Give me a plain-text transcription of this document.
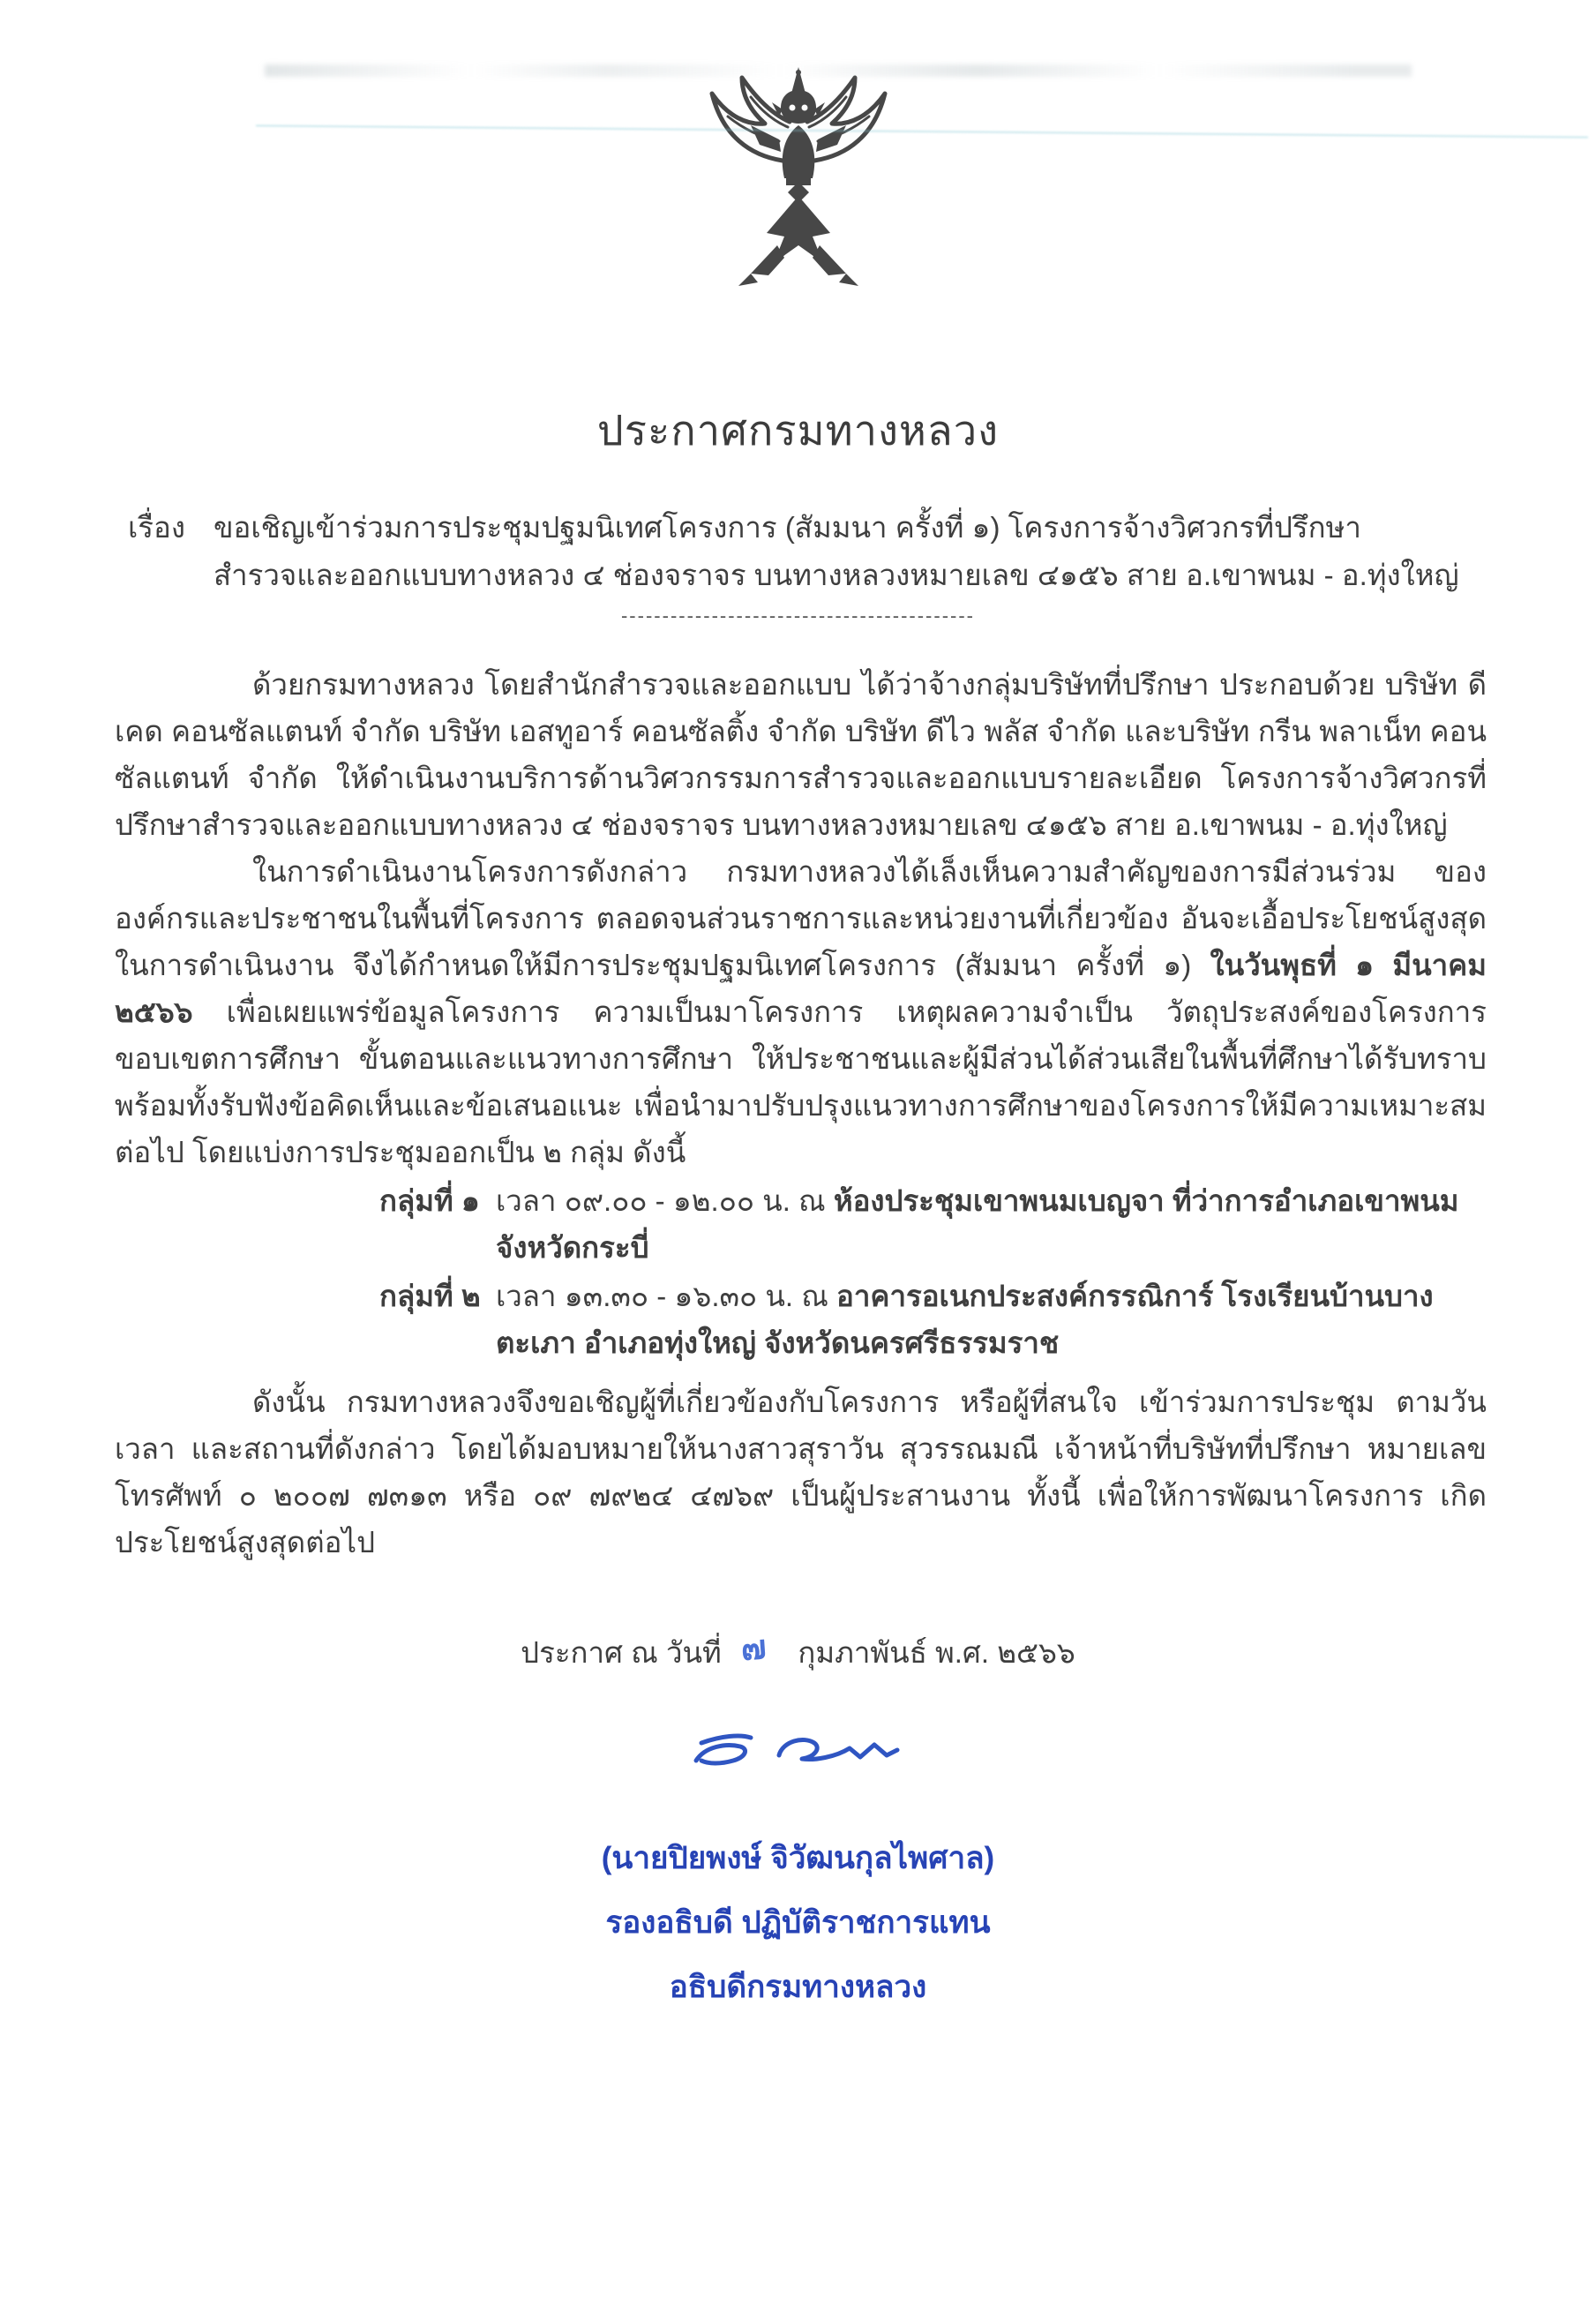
ประกาศกรมทางหลวง
เรื่อง ขอเชิญเข้าร่วมการประชุมปฐมนิเทศโครงการ (สัมมนา ครั้งที่ ๑) โครงการจ้างวิศวกรที่ปรึกษา
สำรวจและออกแบบทางหลวง ๔ ช่องจราจร บนทางหลวงหมายเลข ๔๑๕๖ สาย อ.เขาพนม - อ.ทุ่งใหญ่
-------------------------------------------
ด้วยกรมทางหลวง โดยสำนักสำรวจและออกแบบ ได้ว่าจ้างกลุ่มบริษัทที่ปรึกษา ประกอบด้วย บริษัท ดีเคด คอนซัลแตนท์ จำกัด บริษัท เอสทูอาร์ คอนซัลติ้ง จำกัด บริษัท ดีไว พลัส จำกัด และบริษัท กรีน พลาเน็ท คอนซัลแตนท์ จำกัด ให้ดำเนินงานบริการด้านวิศวกรรมการสำรวจและออกแบบรายละเอียด โครงการจ้างวิศวกรที่ปรึกษาสำรวจและออกแบบทางหลวง ๔ ช่องจราจร บนทางหลวงหมายเลข ๔๑๕๖ สาย อ.เขาพนม - อ.ทุ่งใหญ่
ในการดำเนินงานโครงการดังกล่าว กรมทางหลวงได้เล็งเห็นความสำคัญของการมีส่วนร่วม ขององค์กรและประชาชนในพื้นที่โครงการ ตลอดจนส่วนราชการและหน่วยงานที่เกี่ยวข้อง อันจะเอื้อประโยชน์สูงสุด ในการดำเนินงาน จึงได้กำหนดให้มีการประชุมปฐมนิเทศโครงการ (สัมมนา ครั้งที่ ๑) ในวันพุธที่ ๑ มีนาคม ๒๕๖๖ เพื่อเผยแพร่ข้อมูลโครงการ ความเป็นมาโครงการ เหตุผลความจำเป็น วัตถุประสงค์ของโครงการ ขอบเขตการศึกษา ขั้นตอนและแนวทางการศึกษา ให้ประชาชนและผู้มีส่วนได้ส่วนเสียในพื้นที่ศึกษาได้รับทราบ พร้อมทั้งรับฟังข้อคิดเห็นและข้อเสนอแนะ เพื่อนำมาปรับปรุงแนวทางการศึกษาของโครงการให้มีความเหมาะสมต่อไป โดยแบ่งการประชุมออกเป็น ๒ กลุ่ม ดังนี้
กลุ่มที่ ๑ เวลา ๐๙.๐๐ - ๑๒.๐๐ น. ณ ห้องประชุมเขาพนมเบญจา ที่ว่าการอำเภอเขาพนม จังหวัดกระบี่
กลุ่มที่ ๒ เวลา ๑๓.๓๐ - ๑๖.๓๐ น. ณ อาคารอเนกประสงค์กรรณิการ์ โรงเรียนบ้านบางตะเภา อำเภอทุ่งใหญ่ จังหวัดนครศรีธรรมราช
ดังนั้น กรมทางหลวงจึงขอเชิญผู้ที่เกี่ยวข้องกับโครงการ หรือผู้ที่สนใจ เข้าร่วมการประชุม ตามวัน เวลา และสถานที่ดังกล่าว โดยได้มอบหมายให้นางสาวสุราวัน สุวรรณมณี เจ้าหน้าที่บริษัทที่ปรึกษา หมายเลขโทรศัพท์ ๐ ๒๐๐๗ ๗๓๑๓ หรือ ๐๙ ๗๙๒๔ ๔๗๖๙ เป็นผู้ประสานงาน ทั้งนี้ เพื่อให้การพัฒนาโครงการ เกิดประโยชน์สูงสุดต่อไป
ประกาศ ณ วันที่ ๗ กุมภาพันธ์ พ.ศ. ๒๕๖๖
(นายปิยพงษ์ จิวัฒนกุลไพศาล)
รองอธิบดี ปฏิบัติราชการแทน
อธิบดีกรมทางหลวง
